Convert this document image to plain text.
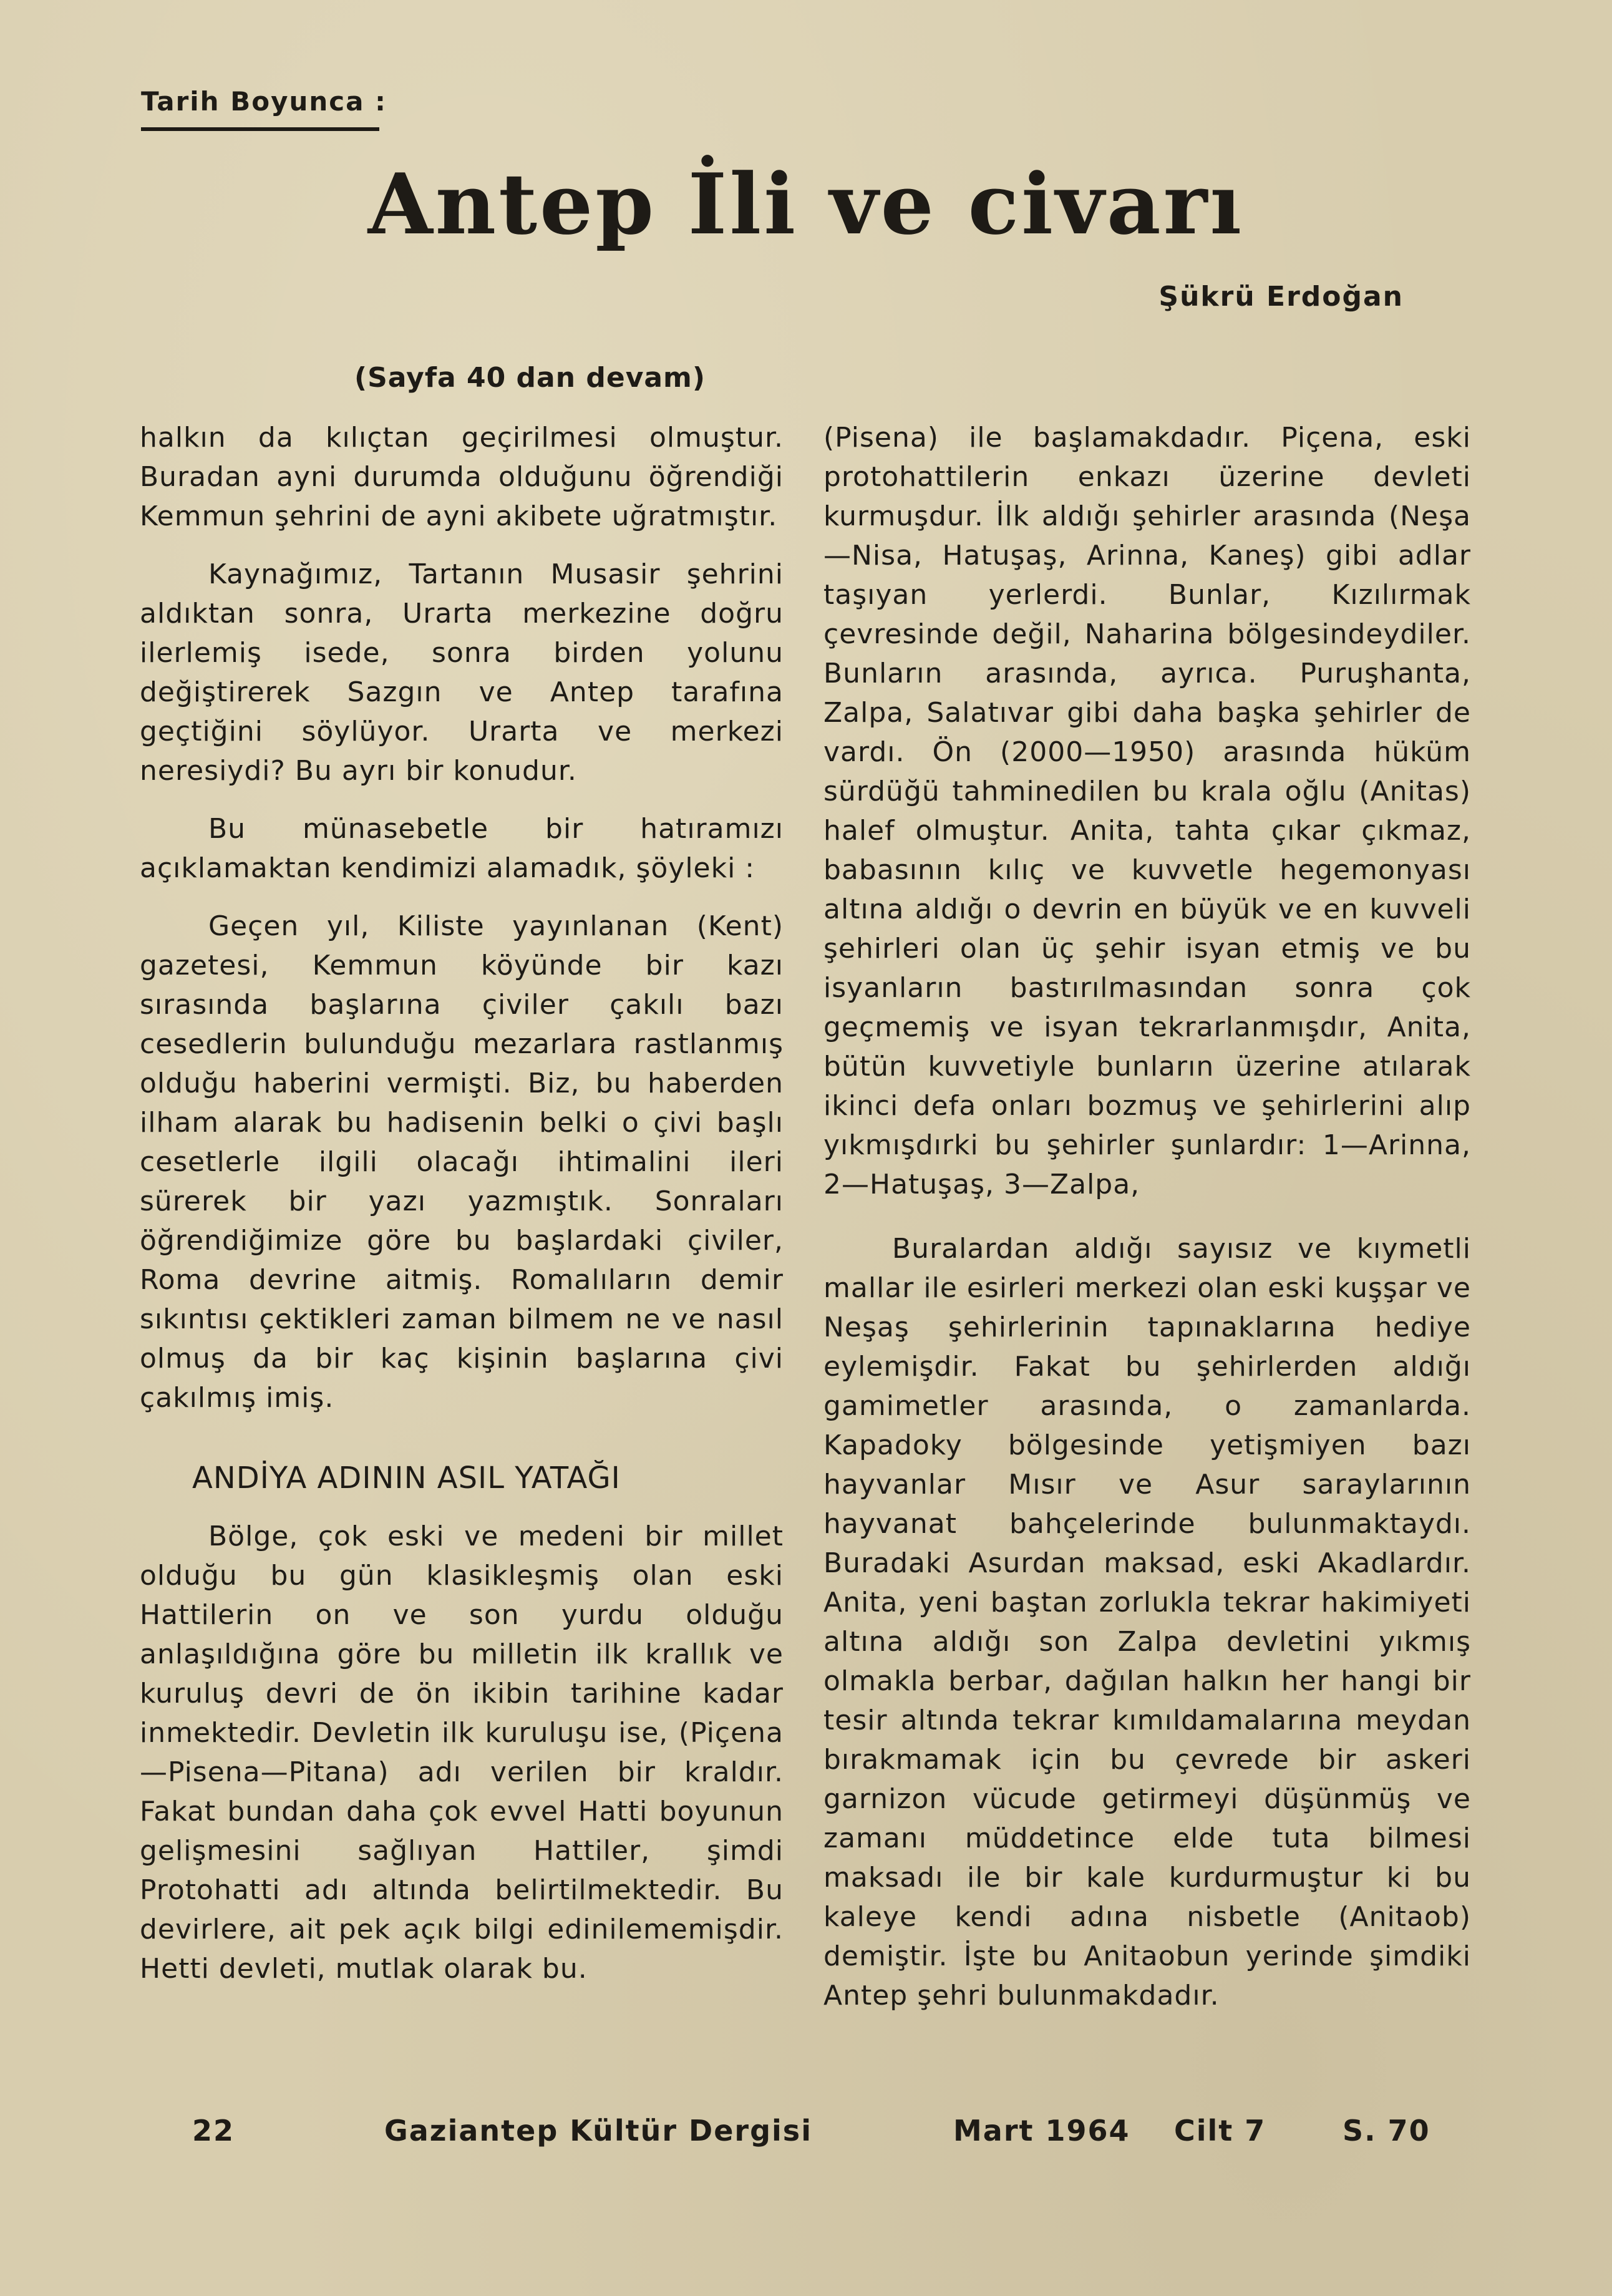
Tarih Boyunca :
Antep İli ve civarı
Şükrü Erdoğan
(Sayfa 40 dan devam)

halkın da kılıçtan geçirilmesi olmuştur. Buradan ayni durumda olduğunu öğrendiği Kemmun şehrini de ayni akibete uğratmıştır.

Kaynağımız, Tartanın Musasir şehrini aldıktan sonra, Urarta merkezine doğru ilerlemiş isede, sonra birden yolunu değiştirerek Sazgın ve Antep tarafına geçtiğini söylüyor. Urarta ve merkezi neresiydi? Bu ayrı bir konudur.

Bu münasebetle bir hatıramızı açıklamaktan kendimizi alamadık, şöyleki :

Geçen yıl, Kiliste yayınlanan (Kent) gazetesi, Kemmun köyünde bir kazı sırasında başlarına çiviler çakılı bazı cesedlerin bulunduğu mezarlara rastlanmış olduğu haberini vermişti. Biz, bu haberden ilham alarak bu hadisenin belki o çivi başlı cesetlerle ilgili olacağı ihtimalini ileri sürerek bir yazı yazmıştık. Sonraları öğrendiğimize göre bu başlardaki çiviler, Roma devrine aitmiş. Romalıların demir sıkıntısı çektikleri zaman bilmem ne ve nasıl olmuş da bir kaç kişinin başlarına çivi çakılmış imiş.

ANDİYA ADININ ASIL YATAĞI

Bölge, çok eski ve medeni bir millet olduğu bu gün klasikleşmiş olan eski Hattilerin on ve son yurdu olduğu anlaşıldığına göre bu milletin ilk krallık ve kuruluş devri de ön ikibin tarihine kadar inmektedir. Devletin ilk kuruluşu ise, (Piçena—Pisena—Pitana) adı verilen bir kraldır. Fakat bundan daha çok evvel Hatti boyunun gelişmesini sağlıyan Hattiler, şimdi Protohatti adı altında belirtilmektedir. Bu devirlere, ait pek açık bilgi edinilememişdir. Hetti devleti, mutlak olarak bu.

(Pisena) ile başlamakdadır. Piçena, eski protohattilerin enkazı üzerine devleti kurmuşdur. İlk aldığı şehirler arasında (Neşa—Nisa, Hatuşaş, Arinna, Kaneş) gibi adlar taşıyan yerlerdi. Bunlar, Kızılırmak çevresinde değil, Naharina bölgesindeydiler. Bunların arasında, ayrıca. Puruşhanta, Zalpa, Salatıvar gibi daha başka şehirler de vardı. Ön (2000—1950) arasında hüküm sürdüğü tahminedilen bu krala oğlu (Anitas) halef olmuştur. Anita, tahta çıkar çıkmaz, babasının kılıç ve kuvvetle hegemonyası altına aldığı o devrin en büyük ve en kuvveli şehirleri olan üç şehir isyan etmiş ve bu isyanların bastırılmasından sonra çok geçmemiş ve isyan tekrarlanmışdır, Anita, bütün kuvvetiyle bunların üzerine atılarak ikinci defa onları bozmuş ve şehirlerini alıp yıkmışdırki bu şehirler şunlardır: 1—Arinna, 2—Hatuşaş, 3—Zalpa,

Buralardan aldığı sayısız ve kıymetli mallar ile esirleri merkezi olan eski kuşşar ve Neşaş şehirlerinin tapınaklarına hediye eylemişdir. Fakat bu şehirlerden aldığı gamimetler arasında, o zamanlarda. Kapadoky bölgesinde yetişmiyen bazı hayvanlar Mısır ve Asur saraylarının hayvanat bahçelerinde bulunmaktaydı. Buradaki Asurdan maksad, eski Akadlardır. Anita, yeni baştan zorlukla tekrar hakimiyeti altına aldığı son Zalpa devletini yıkmış olmakla berbar, dağılan halkın her hangi bir tesir altında tekrar kımıldamalarına meydan bırakmamak için bu çevrede bir askeri garnizon vücude getirmeyi düşünmüş ve zamanı müddetince elde tuta bilmesi maksadı ile bir kale kurdurmuştur ki bu kaleye kendi adına nisbetle (Anitaob) demiştir. İşte bu Anitaobun yerinde şimdiki Antep şehri bulunmakdadır.

22	Gaziantep Kültür Dergisi	Mart 1964 Cilt 7	S. 70
